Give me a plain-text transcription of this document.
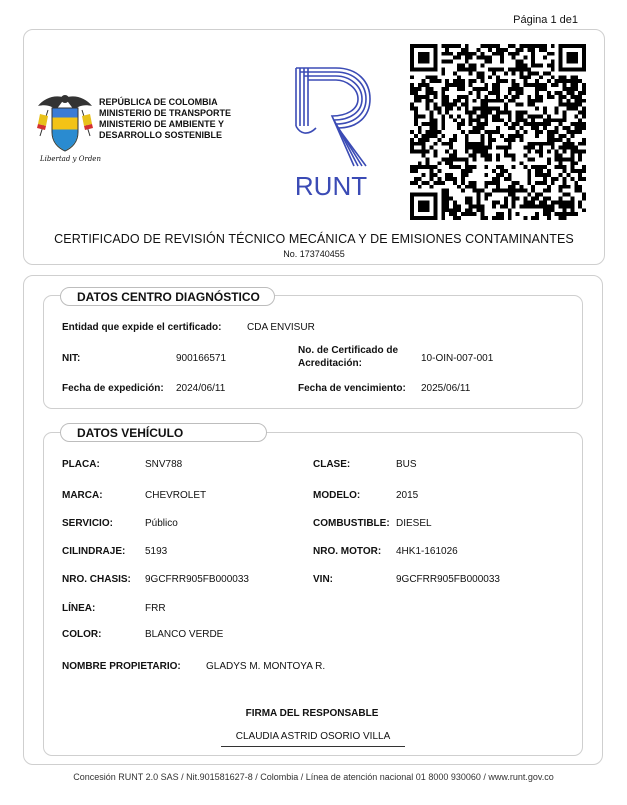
Página 1 de1
Libertad y Orden
REPÚBLICA DE COLOMBIA
MINISTERIO DE TRANSPORTE
MINISTERIO DE AMBIENTE Y
DESARROLLO SOSTENIBLE
RUNT
CERTIFICADO DE REVISIÓN TÉCNICO MECÁNICA Y DE EMISIONES CONTAMINANTES
No. 173740455
DATOS CENTRO DIAGNÓSTICO
Entidad que expide el certificado:	CDA ENVISUR
NIT:	900166571
No. de Certificado de Acreditación:	10-OIN-007-001
Fecha de expedición: 2024/06/11	Fecha de vencimiento: 2025/06/11
DATOS VEHÍCULO
PLACA:	SNV788	CLASE:	BUS
MARCA:	CHEVROLET	MODELO:	2015
SERVICIO:	Público	COMBUSTIBLE: DIESEL
CILINDRAJE: 5193	NRO. MOTOR: 4HK1-161026
NRO. CHASIS: 9GCFRR905FB000033	VIN:	9GCFRR905FB000033
LÍNEA:	FRR
COLOR:	BLANCO VERDE
NOMBRE PROPIETARIO:	GLADYS M. MONTOYA R.
FIRMA DEL RESPONSABLE
CLAUDIA ASTRID OSORIO VILLA
Concesión RUNT 2.0 SAS / Nit.901581627-8 / Colombia / Línea de atención nacional 01 8000 930060 / www.runt.gov.co
